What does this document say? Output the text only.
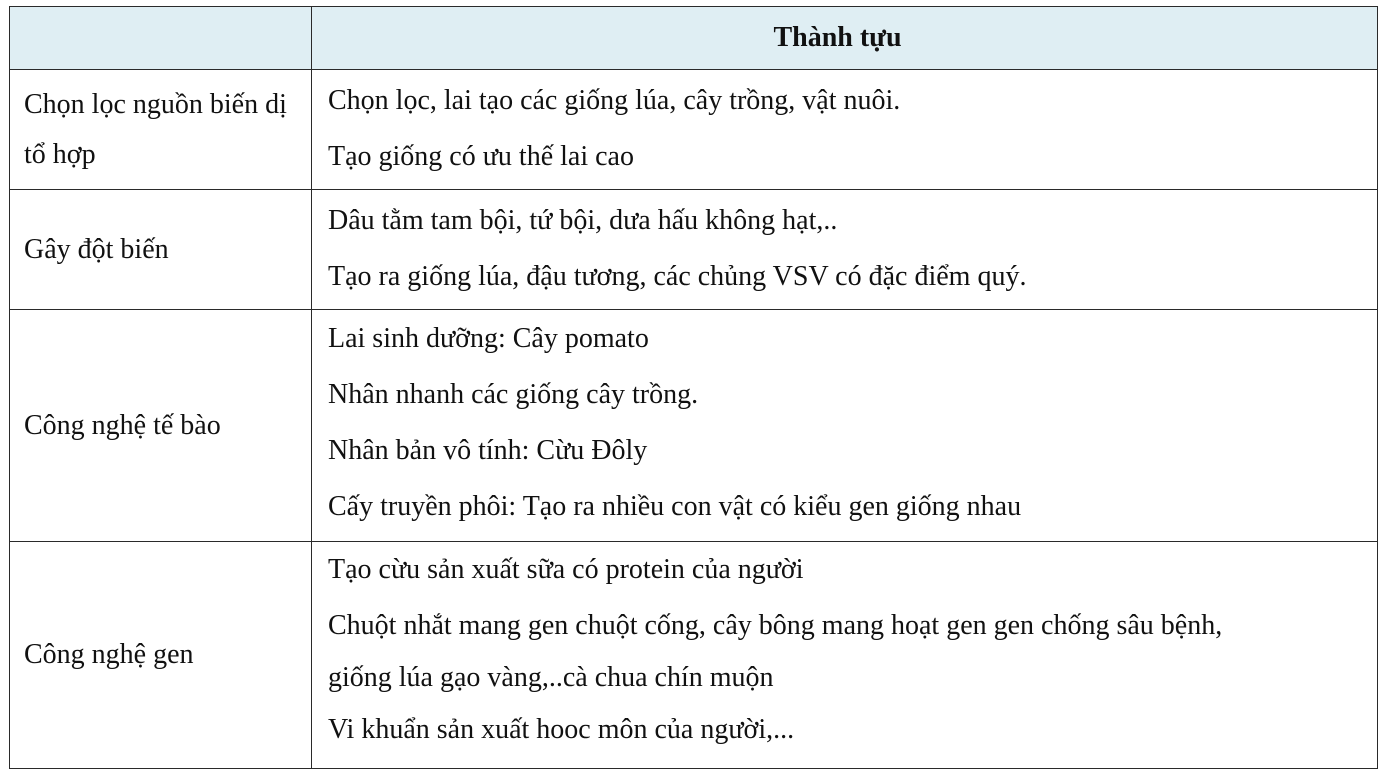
Thành tựu
Chọn lọc nguồn biến dị tổ hợp
Chọn lọc, lai tạo các giống lúa, cây trồng, vật nuôi.
Tạo giống có ưu thế lai cao
Gây đột biến
Dâu tằm tam bội, tứ bội, dưa hấu không hạt,..
Tạo ra giống lúa, đậu tương, các chủng VSV có đặc điểm quý.
Công nghệ tế bào
Lai sinh dưỡng: Cây pomato
Nhân nhanh các giống cây trồng.
Nhân bản vô tính: Cừu Đôly
Cấy truyền phôi: Tạo ra nhiều con vật có kiểu gen giống nhau
Công nghệ gen
Tạo cừu sản xuất sữa có protein của người
Chuột nhắt mang gen chuột cống, cây bông mang hoạt gen gen chống sâu bệnh,
giống lúa gạo vàng,..cà chua chín muộn
Vi khuẩn sản xuất hooc môn của người,...
